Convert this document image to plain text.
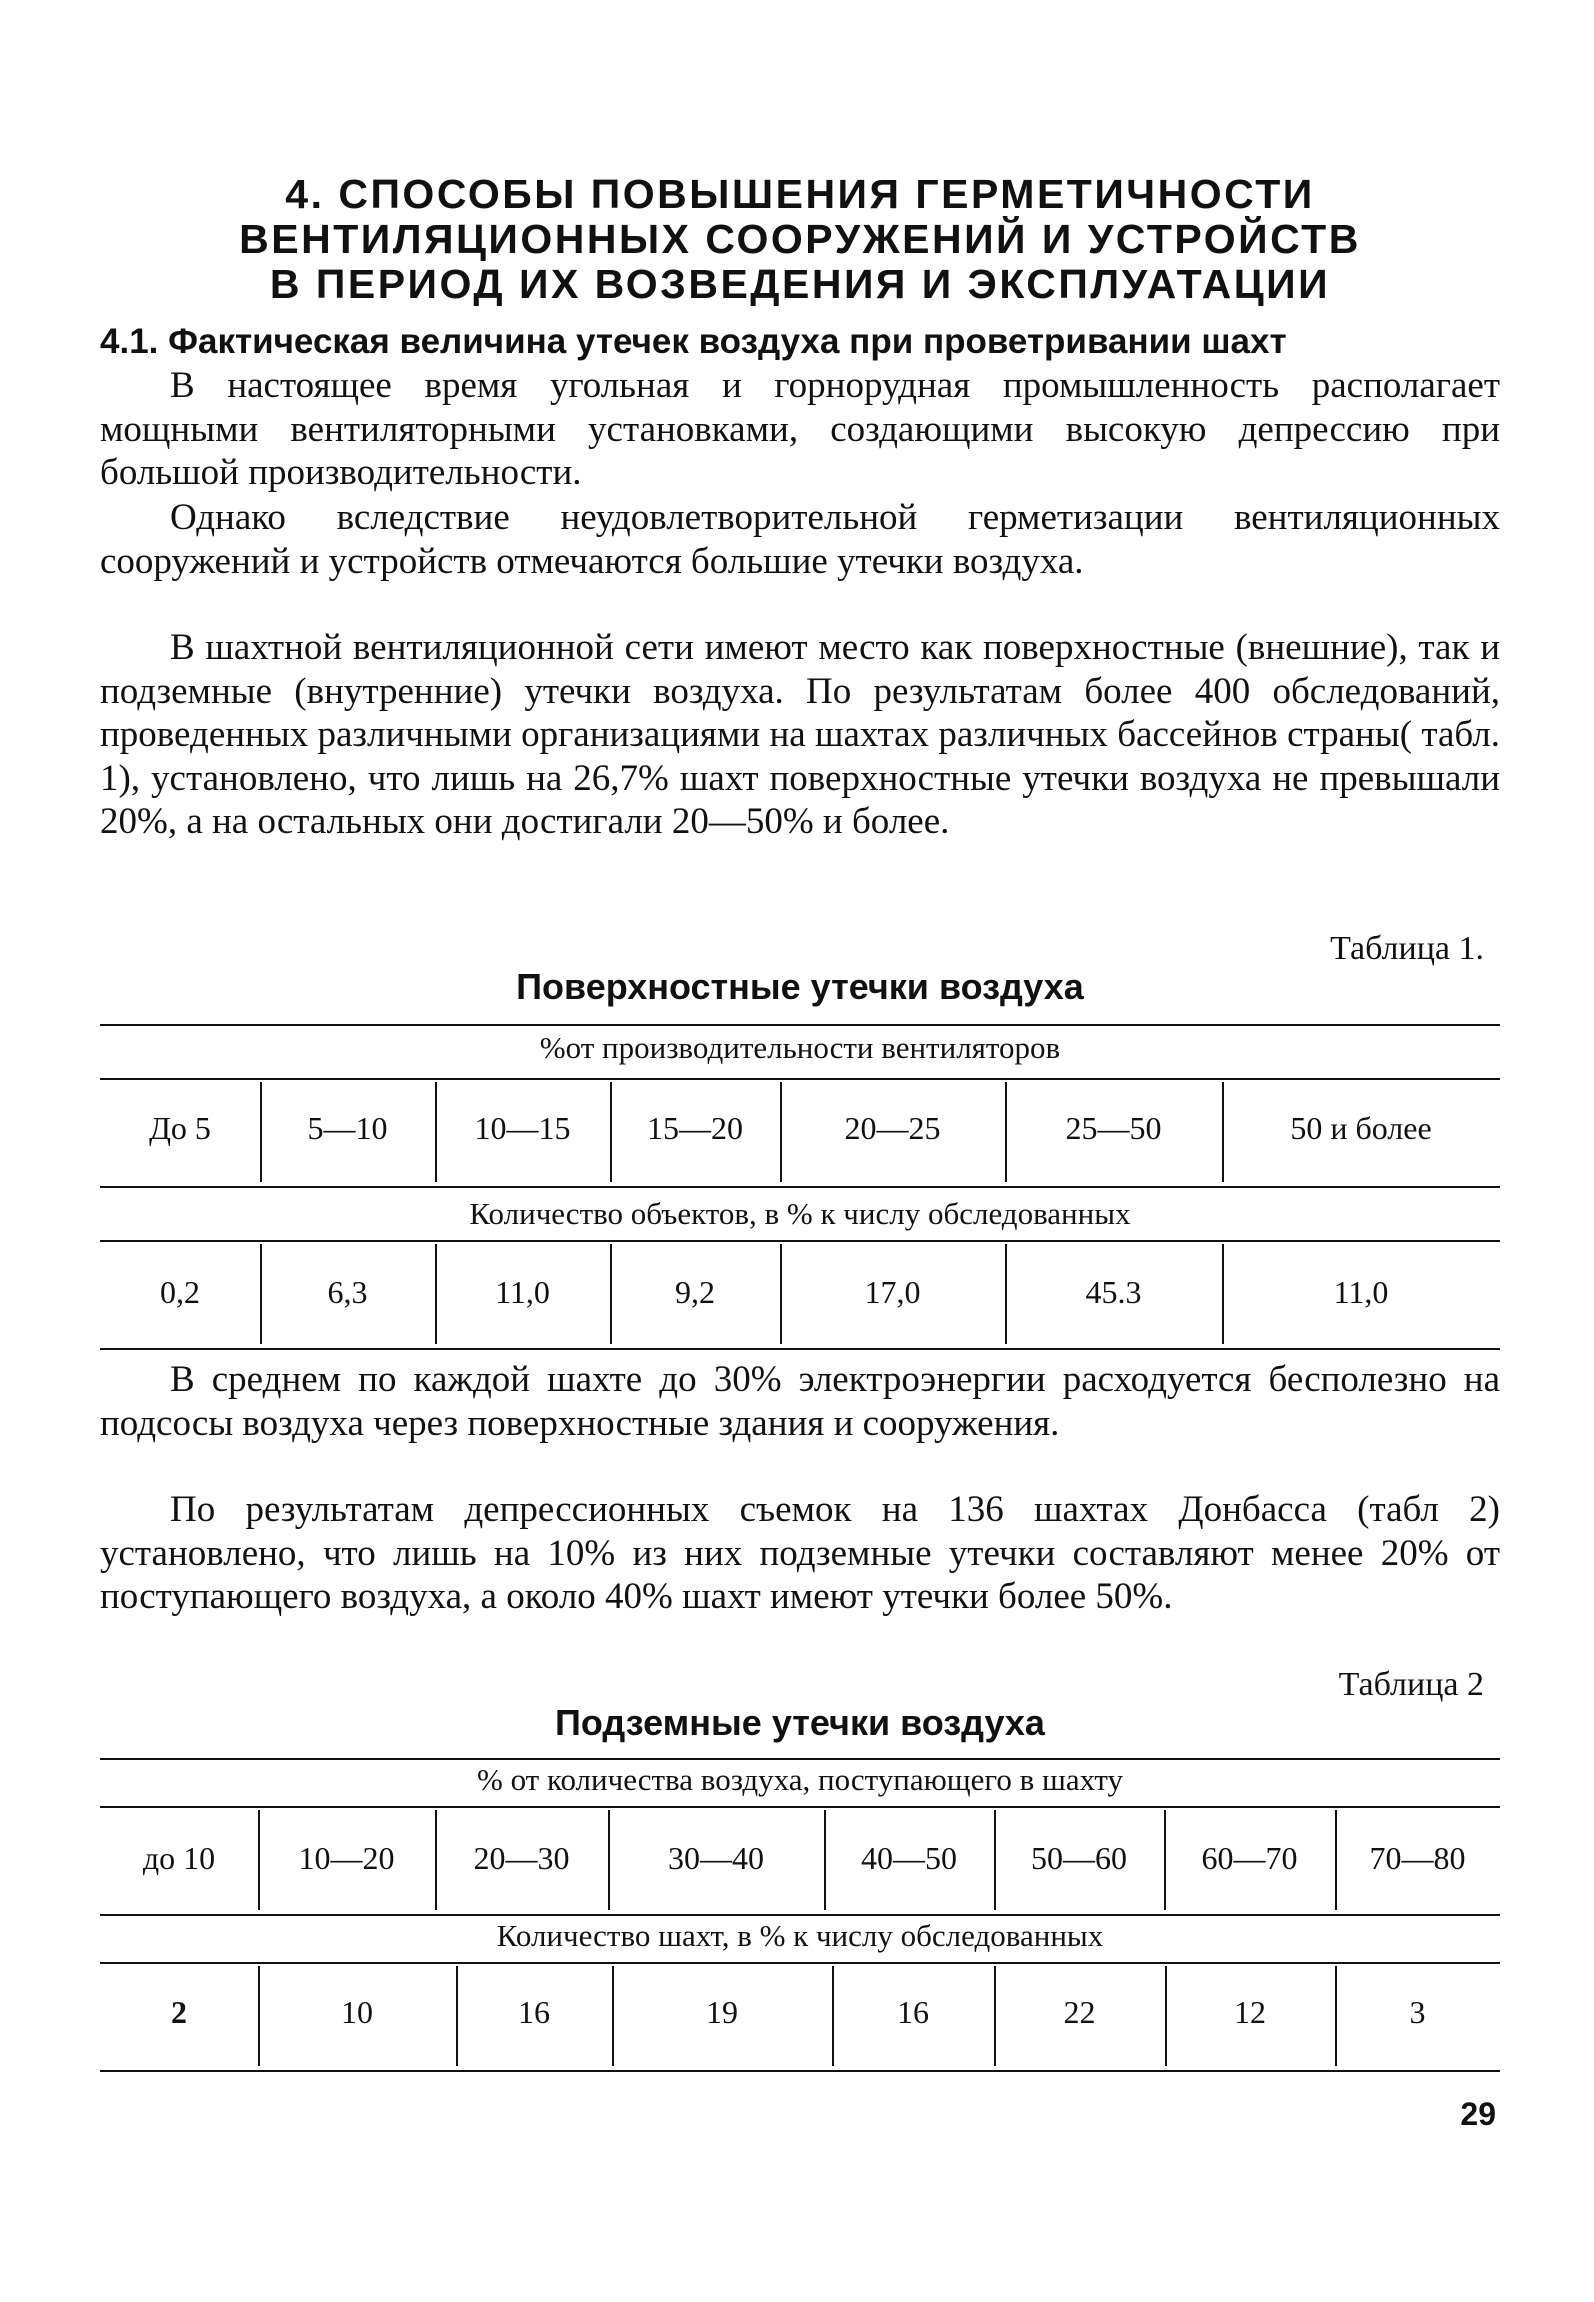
4. СПОСОБЫ ПОВЫШЕНИЯ ГЕРМЕТИЧНОСТИ
ВЕНТИЛЯЦИОННЫХ СООРУЖЕНИЙ И УСТРОЙСТВ
В ПЕРИОД ИХ ВОЗВЕДЕНИЯ И ЭКСПЛУАТАЦИИ
4.1. Фактическая величина утечек воздуха при проветривании шахт
В настоящее время угольная и горнорудная промышленность располагает мощными вентиляторными установками, создающими высокую депрессию при большой производительности.
Однако вследствие неудовлетворительной герметизации вентиляционных сооружений и устройств отмечаются большие утечки воздуха.
В шахтной вентиляционной сети имеют место как поверхностные (внешние), так и подземные (внутренние) утечки воздуха. По результатам более 400 обследований, проведенных различными организациями на шахтах различных бассейнов страны( табл. 1), установлено, что лишь на 26,7% шахт поверхностные утечки воздуха не превышали 20%, а на остальных они достигали 20—50% и более.
Таблица 1.
Поверхностные утечки воздуха
%от производительности вентиляторов
До 5	5—10	10—15	15—20	20—25	25—50	50 и более
Количество объектов, в % к числу обследованных
0,2	6,3	11,0	9,2	17,0	45.3	11,0
В среднем по каждой шахте до 30% электроэнергии расходуется бесполезно на подсосы воздуха через поверхностные здания и сооружения.
По результатам депрессионных съемок на 136 шахтах Донбасса (табл 2) установлено, что лишь на 10% из них подземные утечки составляют менее 20% от поступающего воздуха, а около 40% шахт имеют утечки более 50%.
Таблица 2
Подземные утечки воздуха
% от количества воздуха, поступающего в шахту
до 10	10—20	20—30	30—40	40—50	50—60	60—70	70—80
Количество шахт, в % к числу обследованных
2	10	16	19	16	22	12	3
29
